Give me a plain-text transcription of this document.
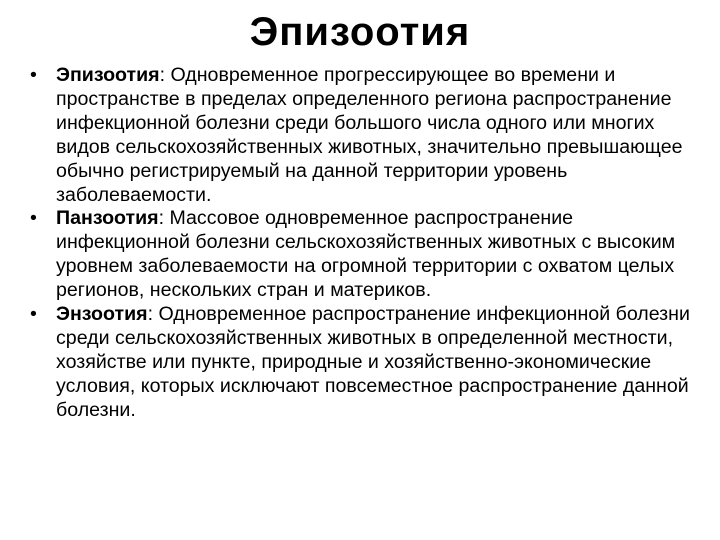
Эпизоотия
• Эпизоотия: Одновременное прогрессирующее во времени и пространстве в пределах определенного региона распространение инфекционной болезни среди большого числа одного или многих видов сельскохозяйственных животных, значительно превышающее обычно регистрируемый на данной территории уровень заболеваемости.
• Панзоотия: Массовое одновременное распространение инфекционной болезни сельскохозяйственных животных с высоким уровнем заболеваемости на огромной территории с охватом целых регионов, нескольких стран и материков.
• Энзоотия: Одновременное распространение инфекционной болезни среди сельскохозяйственных животных в определенной местности, хозяйстве или пункте, природные и хозяйственно-экономические условия, которых исключают повсеместное распространение данной болезни.
